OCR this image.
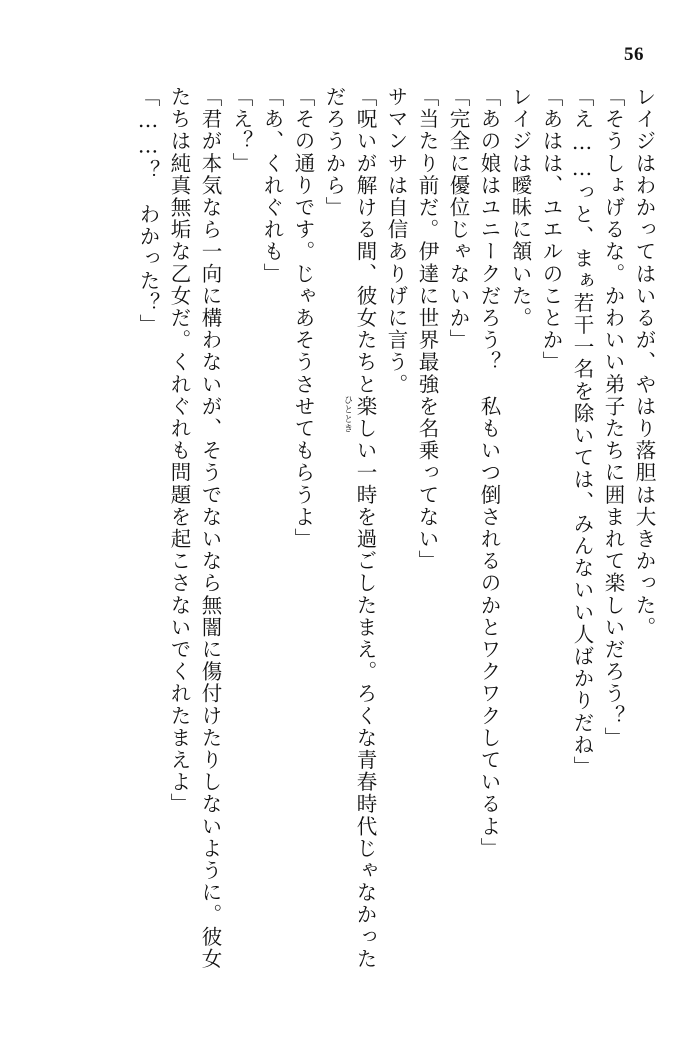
56
レイジはわかってはいるが、やはり落胆は大きかった。
「そうしょげるな。かわいい弟子たちに囲まれて楽しいだろう？」
「え……っと、まぁ若干一名を除いては、みんないい人ばかりだね」
「あはは、ユエルのことか」
レイジは曖昧に頷いた。
「あの娘はユニークだろう？　私もいつ倒されるのかとワクワクしているよ」
「完全に優位じゃないか」
「当たり前だ。伊達に世界最強を名乗ってない」
サマンサは自信ありげに言う。
「呪いが解ける間、彼女たちと楽しい一時を過ごしたまえ。ろくな青春時代じゃなかった
ひととき
だろうから」
「その通りです。じゃあそうさせてもらうよ」
「あ、くれぐれも」
「え？」
「君が本気なら一向に構わないが、そうでないなら無闇に傷付けたりしないように。彼女
たちは純真無垢な乙女だ。くれぐれも問題を起こさないでくれたまえよ」
「……？　わかった？」
